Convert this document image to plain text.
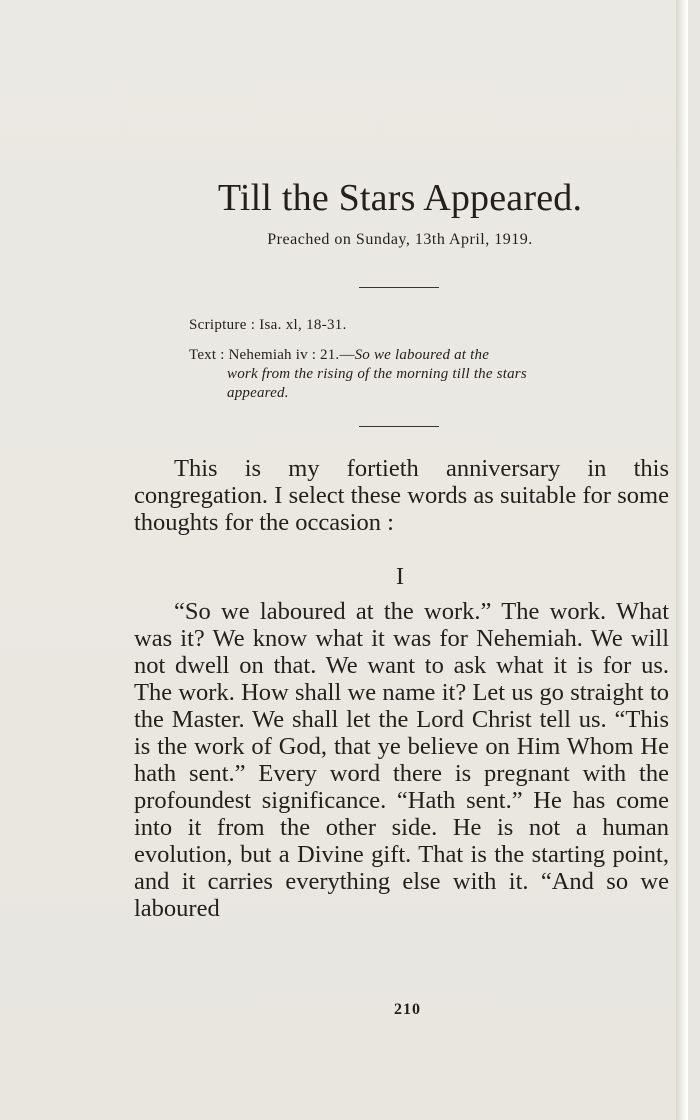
Till the Stars Appeared.
Preached on Sunday, 13th April, 1919.
Scripture : Isa. xl, 18-31.
Text : Nehemiah iv : 21.—So we laboured at the
work from the rising of the morning till the stars
appeared.

This is my fortieth anniversary in this congregation. I select these words as suitable for some thoughts for the occasion :

I

“So we laboured at the work.” The work. What was it? We know what it was for Nehemiah. We will not dwell on that. We want to ask what it is for us. The work. How shall we name it? Let us go straight to the Master. We shall let the Lord Christ tell us. “This is the work of God, that ye believe on Him Whom He hath sent.” Every word there is pregnant with the profoundest significance. “Hath sent.” He has come into it from the other side. He is not a human evolution, but a Divine gift. That is the starting point, and it carries everything else with it. “And so we laboured

210
